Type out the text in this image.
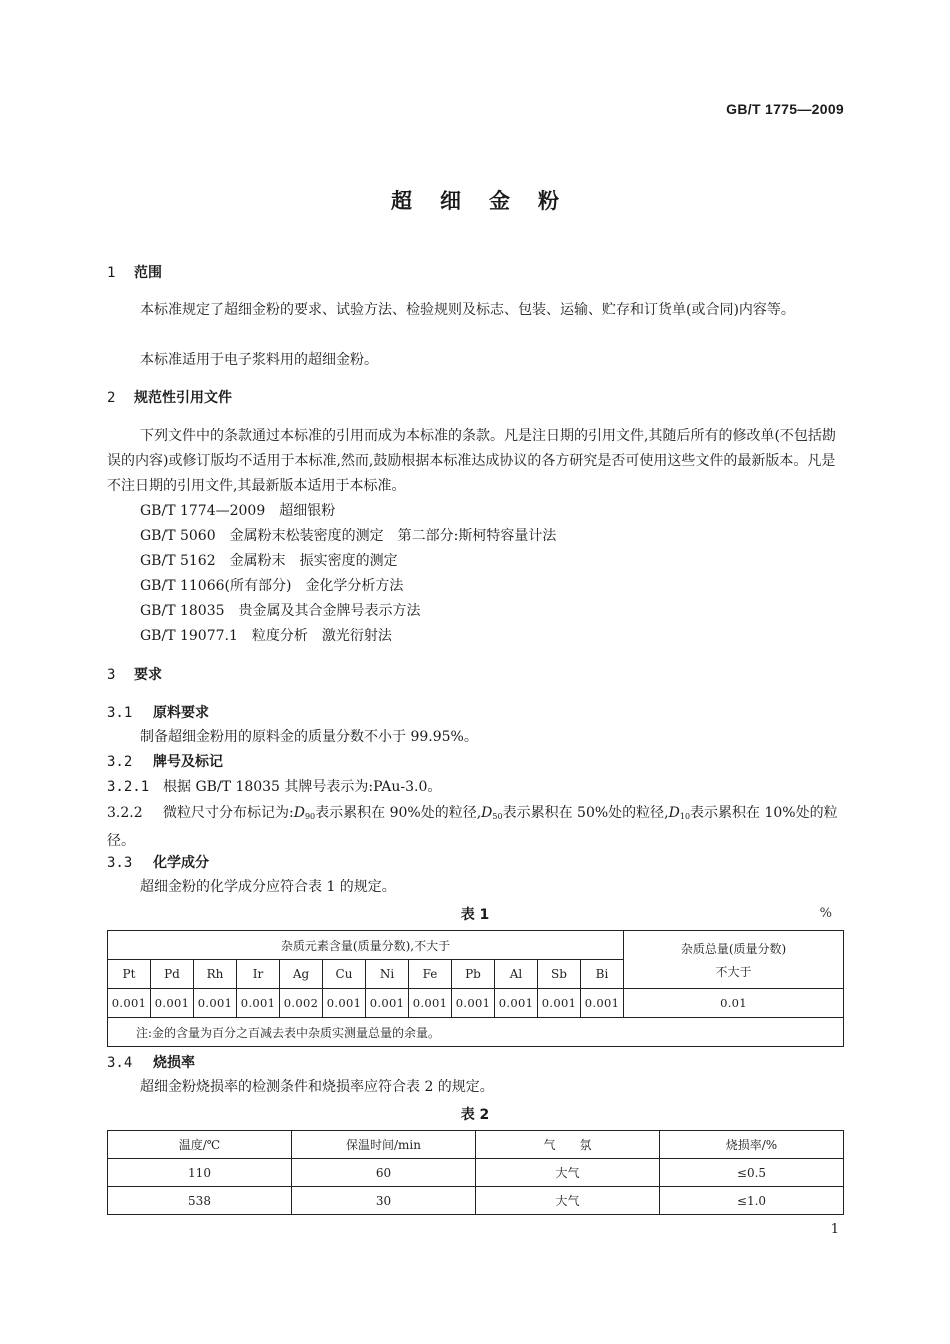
GB/T 1775—2009
超细金粉
1 范围
本标准规定了超细金粉的要求、试验方法、检验规则及标志、包装、运输、贮存和订货单(或合同)内容等。
本标准适用于电子浆料用的超细金粉。
2 规范性引用文件
下列文件中的条款通过本标准的引用而成为本标准的条款。凡是注日期的引用文件,其随后所有的修改单(不包括勘误的内容)或修订版均不适用于本标准,然而,鼓励根据本标准达成协议的各方研究是否可使用这些文件的最新版本。凡是不注日期的引用文件,其最新版本适用于本标准。
GB/T 1774—2009 超细银粉
GB/T 5060 金属粉末松装密度的测定　第二部分:斯柯特容量计法
GB/T 5162 金属粉末　振实密度的测定
GB/T 11066(所有部分) 金化学分析方法
GB/T 18035 贵金属及其合金牌号表示方法
GB/T 19077.1 粒度分析　激光衍射法
3 要求
3.1 原料要求
制备超细金粉用的原料金的质量分数不小于 99.95%。
3.2 牌号及标记
3.2.1 根据 GB/T 18035 其牌号表示为:PAu-3.0。
3.2.2 微粒尺寸分布标记为$:D_{90}$表示累积在 90%处的粒径$,D_{50}$表示累积在 50%处的粒径$,D_{10}$表示累积在 10%处的粒径。
3.3 化学成分
超细金粉的化学成分应符合表 1 的规定。
表 1	%
杂质元素含量(质量分数),不大于												杂质总量(质量分数)
不大于

Pt	Pd	Rh	Ir	Ag	Cu	Ni	Fe	Pb	Al	Sb	Bi	
0.001	0.001	0.001	0.001	0.002	0.001	0.001	0.001	0.001	0.001	0.001	0.001	0.01
注:金的含量为百分之百减去表中杂质实测量总量的余量。												
3.4 烧损率
超细金粉烧损率的检测条件和烧损率应符合表 2 的规定。
表 2
温度/℃	保温时间/min	气　　氛	烧损率/%
110	60	大气	≤0.5
538	30	大气	≤1.0
1
